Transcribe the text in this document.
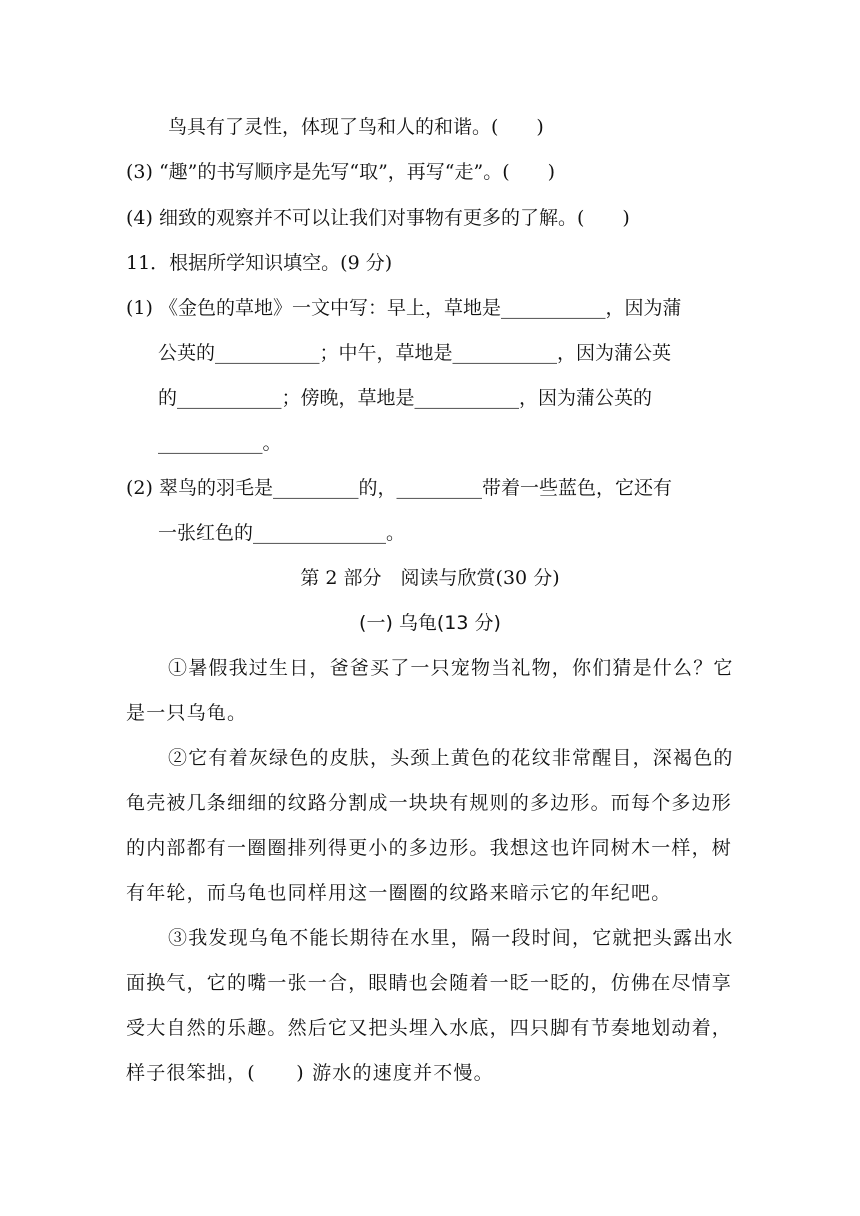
鸟具有了灵性，体现了鸟和人的和谐。(　　)
(3) “趣”的书写顺序是先写“取”，再写“走”。(　　)
(4) 细致的观察并不可以让我们对事物有更多的了解。(　　)
11．根据所学知识填空。(9 分)
(1) 《金色的草地》一文中写：早上，草地是___________，因为蒲
公英的___________；中午，草地是___________，因为蒲公英
的___________；傍晚，草地是___________，因为蒲公英的
___________。
(2) 翠鸟的羽毛是_________的，_________带着一些蓝色，它还有
一张红色的______________。
第 2 部分　阅读与欣赏(30 分)
(一) 乌龟(13 分)
①暑假我过生日，爸爸买了一只宠物当礼物，你们猜是什么？它
是一只乌龟。
②它有着灰绿色的皮肤，头颈上黄色的花纹非常醒目，深褐色的
龟壳被几条细细的纹路分割成一块块有规则的多边形。而每个多边形
的内部都有一圈圈排列得更小的多边形。我想这也许同树木一样，树
有年轮，而乌龟也同样用这一圈圈的纹路来暗示它的年纪吧。
③我发现乌龟不能长期待在水里，隔一段时间，它就把头露出水
面换气，它的嘴一张一合，眼睛也会随着一眨一眨的，仿佛在尽情享
受大自然的乐趣。然后它又把头埋入水底，四只脚有节奏地划动着，
样子很笨拙，(　　) 游水的速度并不慢。
